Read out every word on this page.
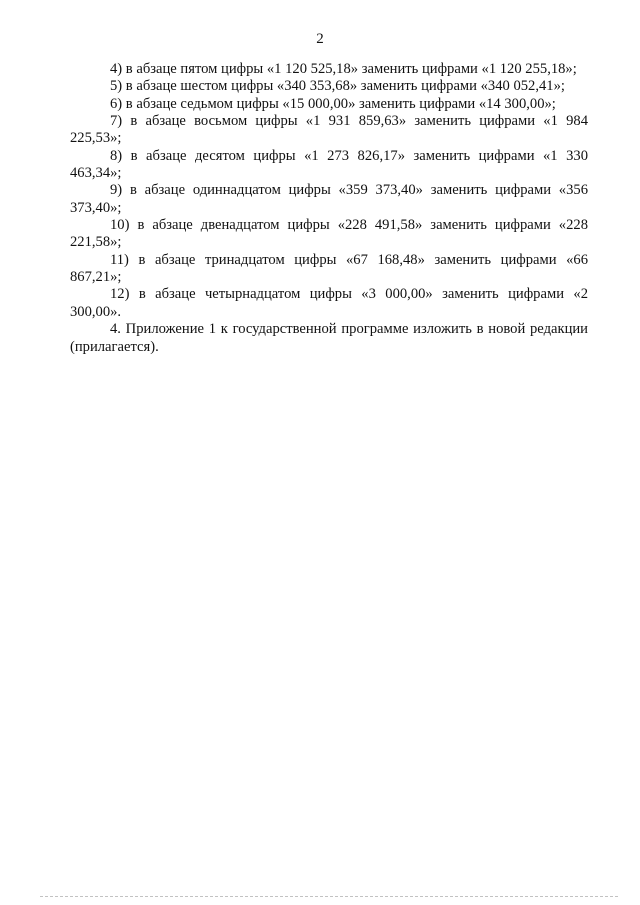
2

4) в абзаце пятом цифры «1 120 525,18» заменить цифрами «1 120 255,18»;

5) в абзаце шестом цифры «340 353,68» заменить цифрами «340 052,41»;

6) в абзаце седьмом цифры «15 000,00» заменить цифрами «14 300,00»;

7) в абзаце восьмом цифры «1 931 859,63» заменить цифрами «1 984 225,53»;

8) в абзаце десятом цифры «1 273 826,17» заменить цифрами «1 330 463,34»;

9) в абзаце одиннадцатом цифры «359 373,40» заменить цифрами «356 373,40»;

10) в абзаце двенадцатом цифры «228 491,58» заменить цифрами «228 221,58»;

11) в абзаце тринадцатом цифры «67 168,48» заменить цифрами «66 867,21»;

12) в абзаце четырнадцатом цифры «3 000,00» заменить цифрами «2 300,00».

4. Приложение 1 к государственной программе изложить в новой редакции (прилагается).
